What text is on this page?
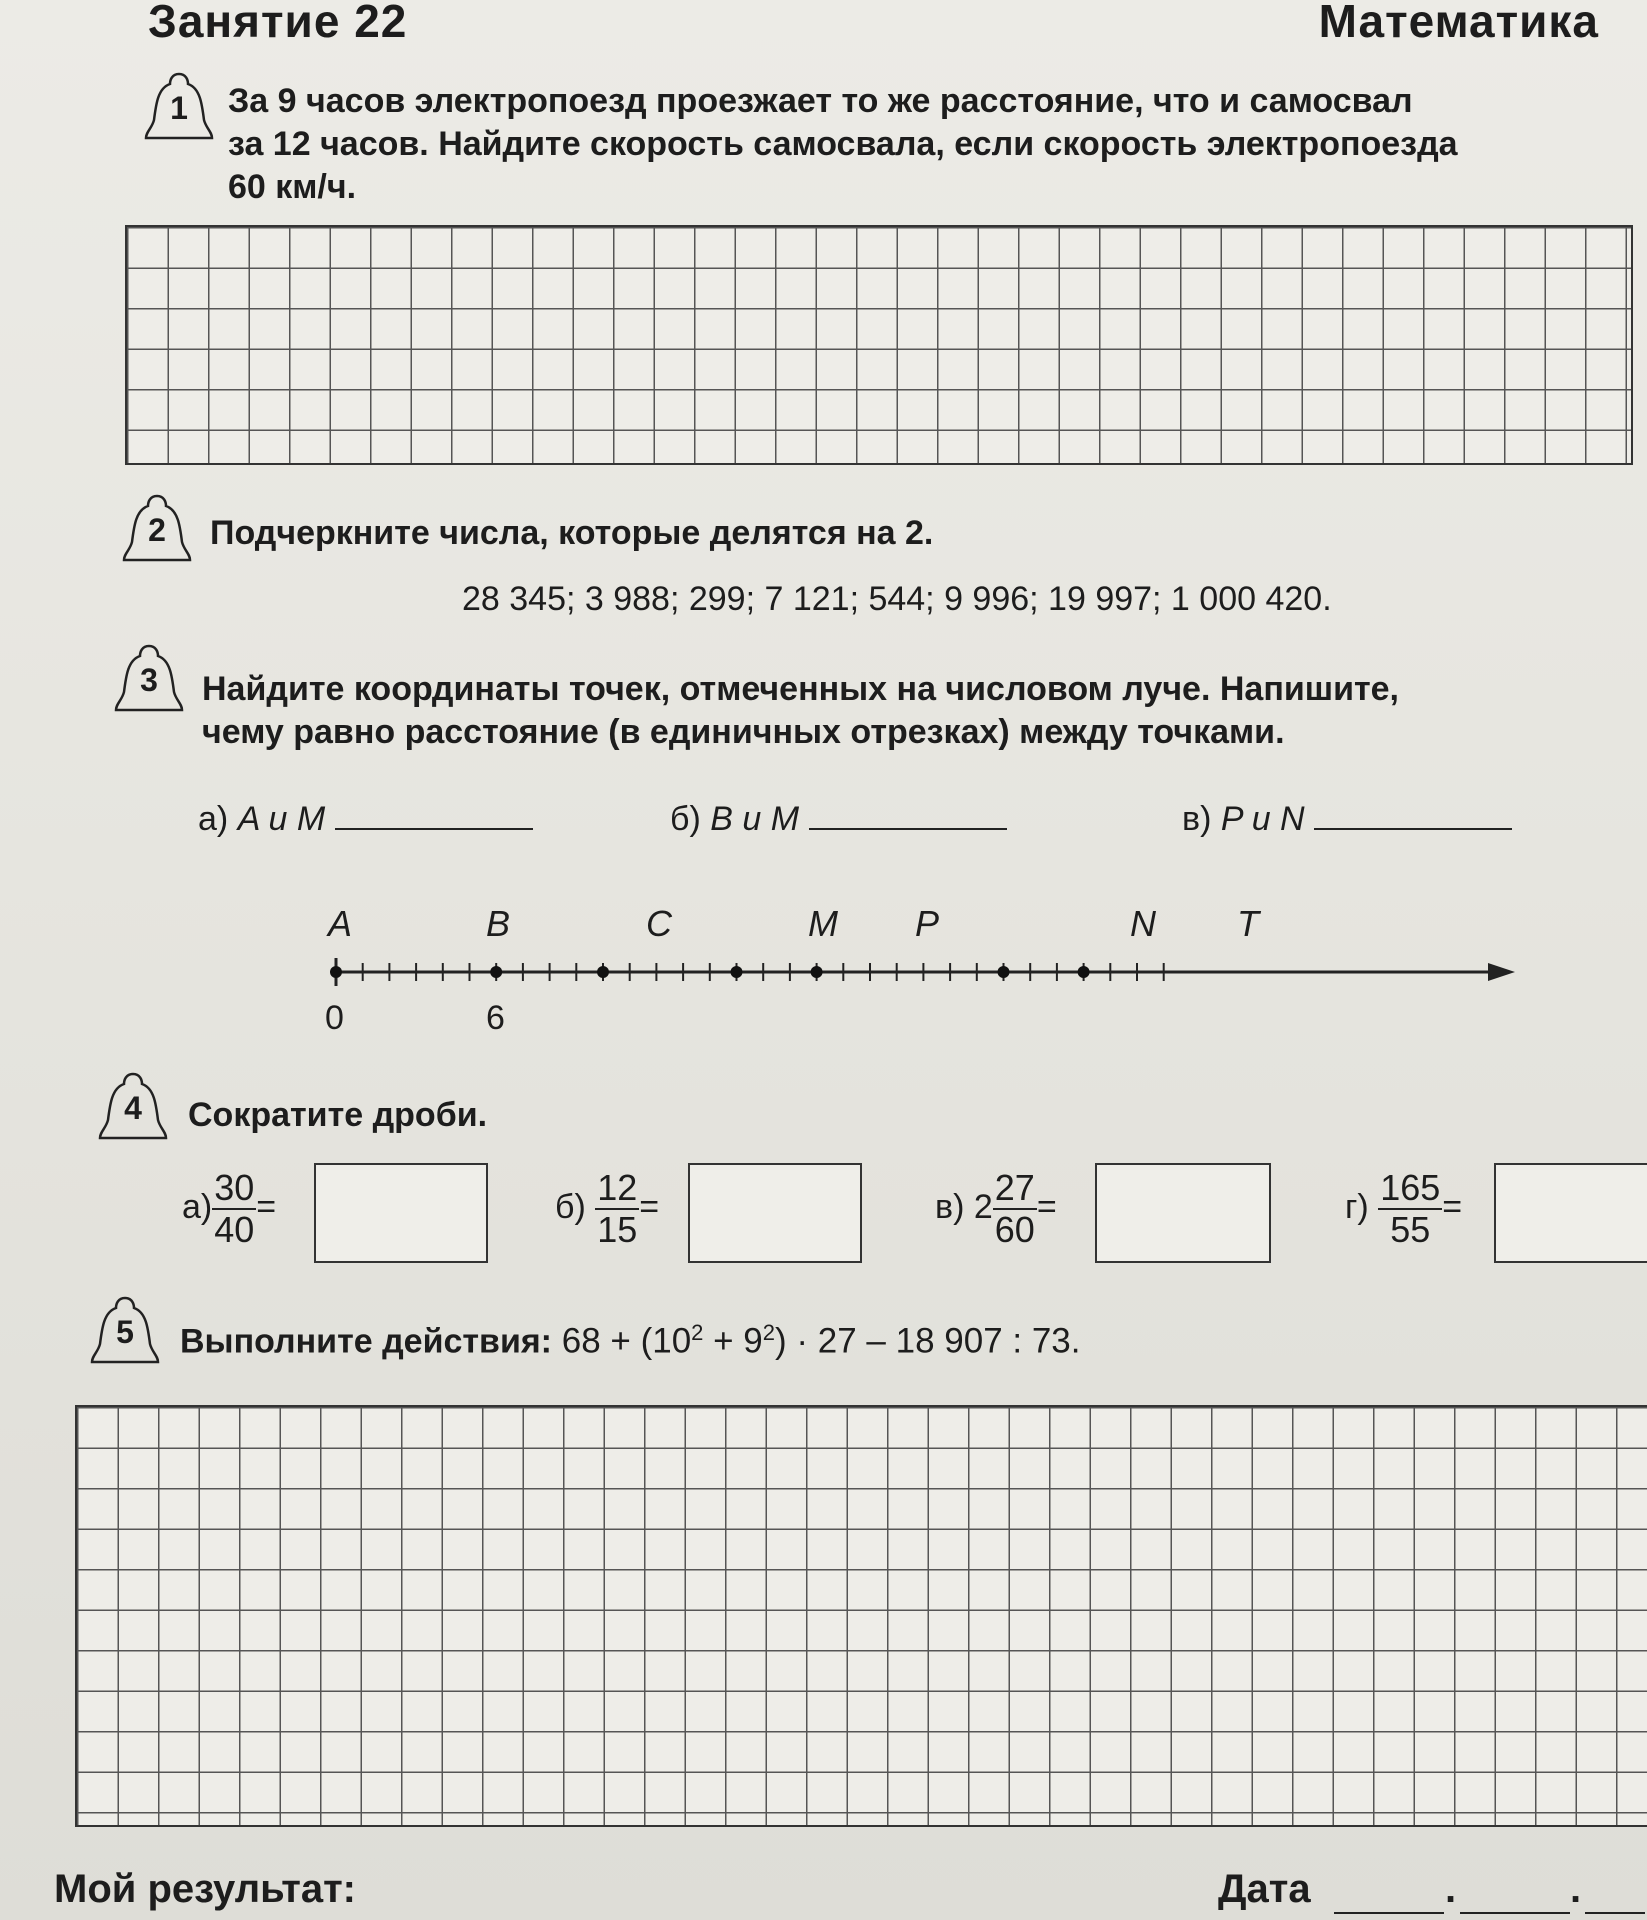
Занятие 22	Математика
1	За 9 часов электропоезд проезжает то же расстояние, что и самосвал
за 12 часов. Найдите скорость самосвала, если скорость электропоезда
60 км/ч.
2	Подчеркните числа, которые делятся на 2.
28 345; 3 988; 299; 7 121; 544; 9 996; 19 997; 1 000 420.
3	Найдите координаты точек, отмеченных на числовом луче. Напишите,
чему равно расстояние (в единичных отрезках) между точками.
а) A и M	б) B и M	в) P и N
A	B	C	M P	N T
0	6
4	Сократите дроби.
$а) \frac{30}{40}$ =	$б) \frac{12}{15}$ =	в) $2 \frac{27}{60}$ =	$г) \frac{165}{55}$ =
5	Выполните действия: $68 + (10^2 + 9^2) \cdot 27 - 18$ 907 : 73.
Мой результат:	Дата	.	.
